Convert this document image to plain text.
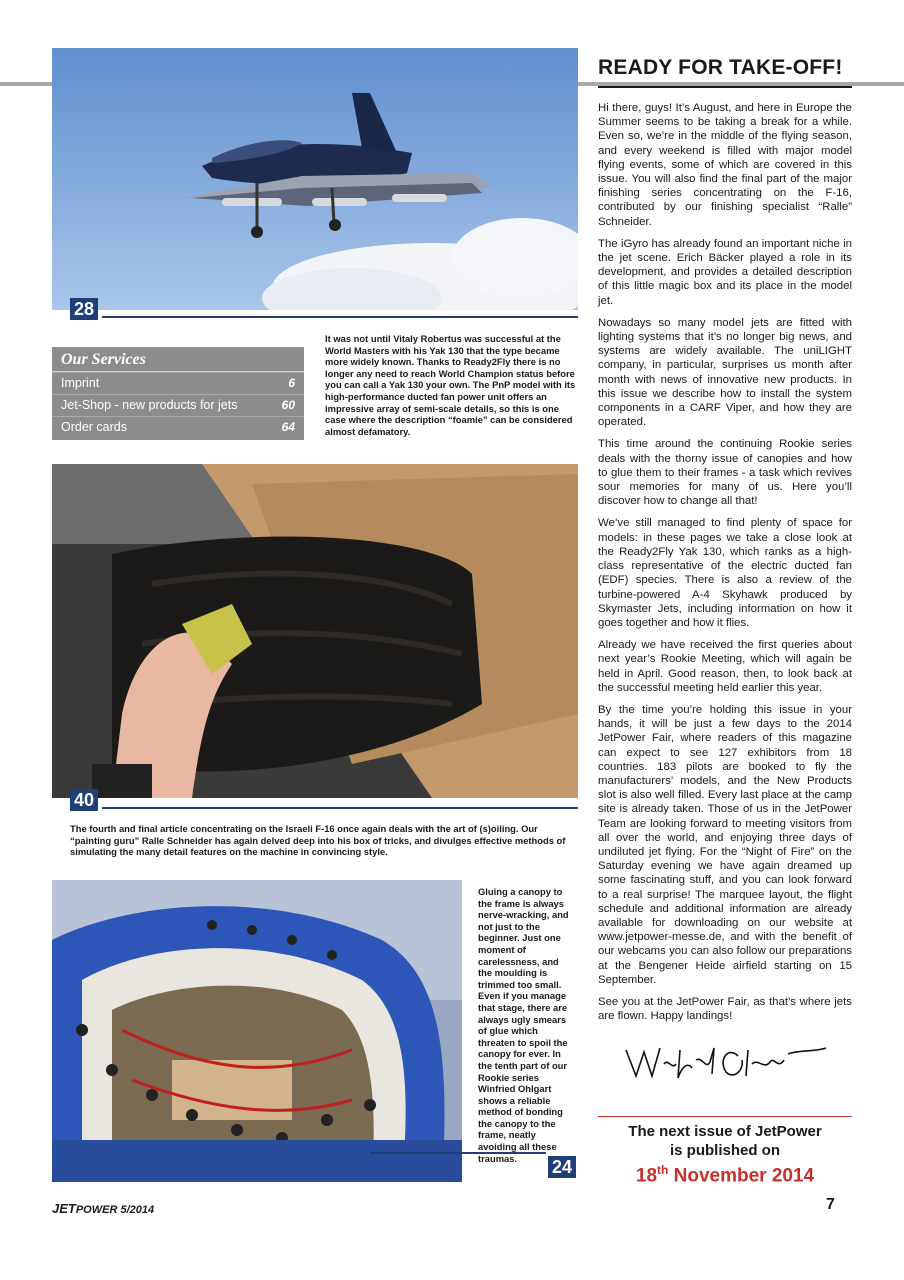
28
Our Services
Imprint	6
Jet-Shop - new products for jets	60
Order cards	64
It was not until Vitaly Robertus was successful at the World Masters with his Yak 130 that the type became more widely known. Thanks to Ready2Fly there is no longer any need to reach World Champion status before you can call a Yak 130 your own. The PnP model with its high-performance ducted fan power unit offers an impressive array of semi-scale details, so this is one case where the description “foamie” can be considered almost defamatory.
40
The fourth and final article concentrating on the Israeli F-16 once again deals with the art of (s)oiling. Our “painting guru” Ralle Schneider has again delved deep into his box of tricks, and divulges effective methods of simulating the many detail features on the machine in convincing style.
24
Gluing a canopy to the frame is always nerve-wracking, and not just to the beginner. Just one moment of carelessness, and the moulding is trimmed too small. Even if you manage that stage, there are always ugly smears of glue which threaten to spoil the canopy for ever. In the tenth part of our Rookie series Winfried Ohlgart shows a reliable method of bonding the canopy to the frame, neatly avoiding all these traumas.
READY FOR TAKE-OFF!

Hi there, guys! It’s August, and here in Europe the Summer seems to be taking a break for a while. Even so, we’re in the middle of the flying season, and every weekend is filled with major model flying events, some of which are covered in this issue. You will also find the final part of the major finishing series concentrating on the F-16, contributed by our finishing specialist “Ralle” Schneider.

The iGyro has already found an important niche in the jet scene. Erich Bäcker played a role in its development, and provides a detailed description of this little magic box and its place in the model jet.

Nowadays so many model jets are fitted with lighting systems that it’s no longer big news, and systems are widely available. The uniLIGHT company, in particular, surprises us month after month with news of innovative new products. In this issue we describe how to install the system components in a CARF Viper, and how they are operated.

This time around the continuing Rookie series deals with the thorny issue of canopies and how to glue them to their frames - a task which revives sour memories for many of us. Here you’ll discover how to change all that!

We’ve still managed to find plenty of space for models: in these pages we take a close look at the Ready2Fly Yak 130, which ranks as a high-class representative of the electric ducted fan (EDF) species. There is also a review of the turbine-powered A-4 Skyhawk produced by Skymaster Jets, including information on how it goes together and how it flies.

Already we have received the first queries about next year’s Rookie Meeting, which will again be held in April. Good reason, then, to look back at the successful meeting held earlier this year.

By the time you’re holding this issue in your hands, it will be just a few days to the 2014 JetPower Fair, where readers of this magazine can expect to see 127 exhibitors from 18 countries. 183 pilots are booked to fly the manufacturers’ models, and the New Products slot is also well filled. Every last place at the camp site is already taken. Those of us in the JetPower Team are looking forward to meeting visitors from all over the world, and enjoying three days of undiluted jet flying. For the “Night of Fire” on the Saturday evening we have again dreamed up some fascinating stuff, and you can look forward to a real surprise! The marquee layout, the flight schedule and additional information are already available for downloading on our website at www.jetpower-messe.de, and with the benefit of our webcams you can also follow our preparations at the Bengener Heide airfield starting on 15 September.

See you at the JetPower Fair, as that’s where jets are flown. Happy landings!

The next issue of JetPower
is published on
18th November 2014
JETPOWER 5/2014	7
